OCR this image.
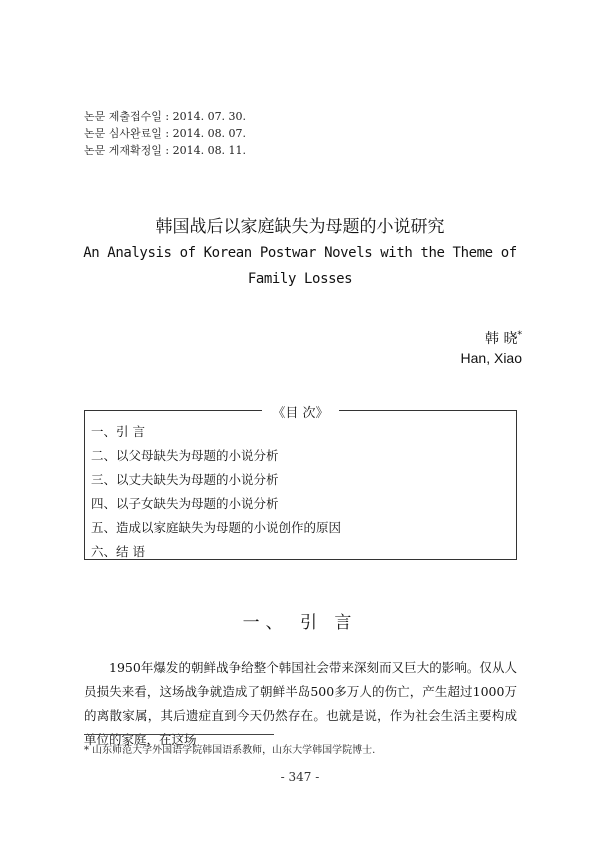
논문 제출접수일 : 2014. 07. 30.
논문 심사완료일 : 2014. 08. 07.
논문 게재확정일 : 2014. 08. 11.
韩国战后以家庭缺失为母题的小说研究
An Analysis of Korean Postwar Novels with the Theme of Family Losses
韩 晓*
Han, Xiao
《目 次》
一、引 言
二、以父母缺失为母题的小说分析
三、以丈夫缺失为母题的小说分析
四、以子女缺失为母题的小说分析
五、造成以家庭缺失为母题的小说创作的原因
六、结 语
一、 引 言

1950年爆发的朝鲜战争给整个韩国社会带来深刻而又巨大的影响。仅从人员损失来看，这场战争就造成了朝鲜半岛500多万人的伤亡，产生超过1000万的离散家属，其后遗症直到今天仍然存在。也就是说，作为社会生活主要构成单位的家庭，在这场

* 山东师范大学外国语学院韩国语系教师，山东大学韩国学院博士.
- 347 -
